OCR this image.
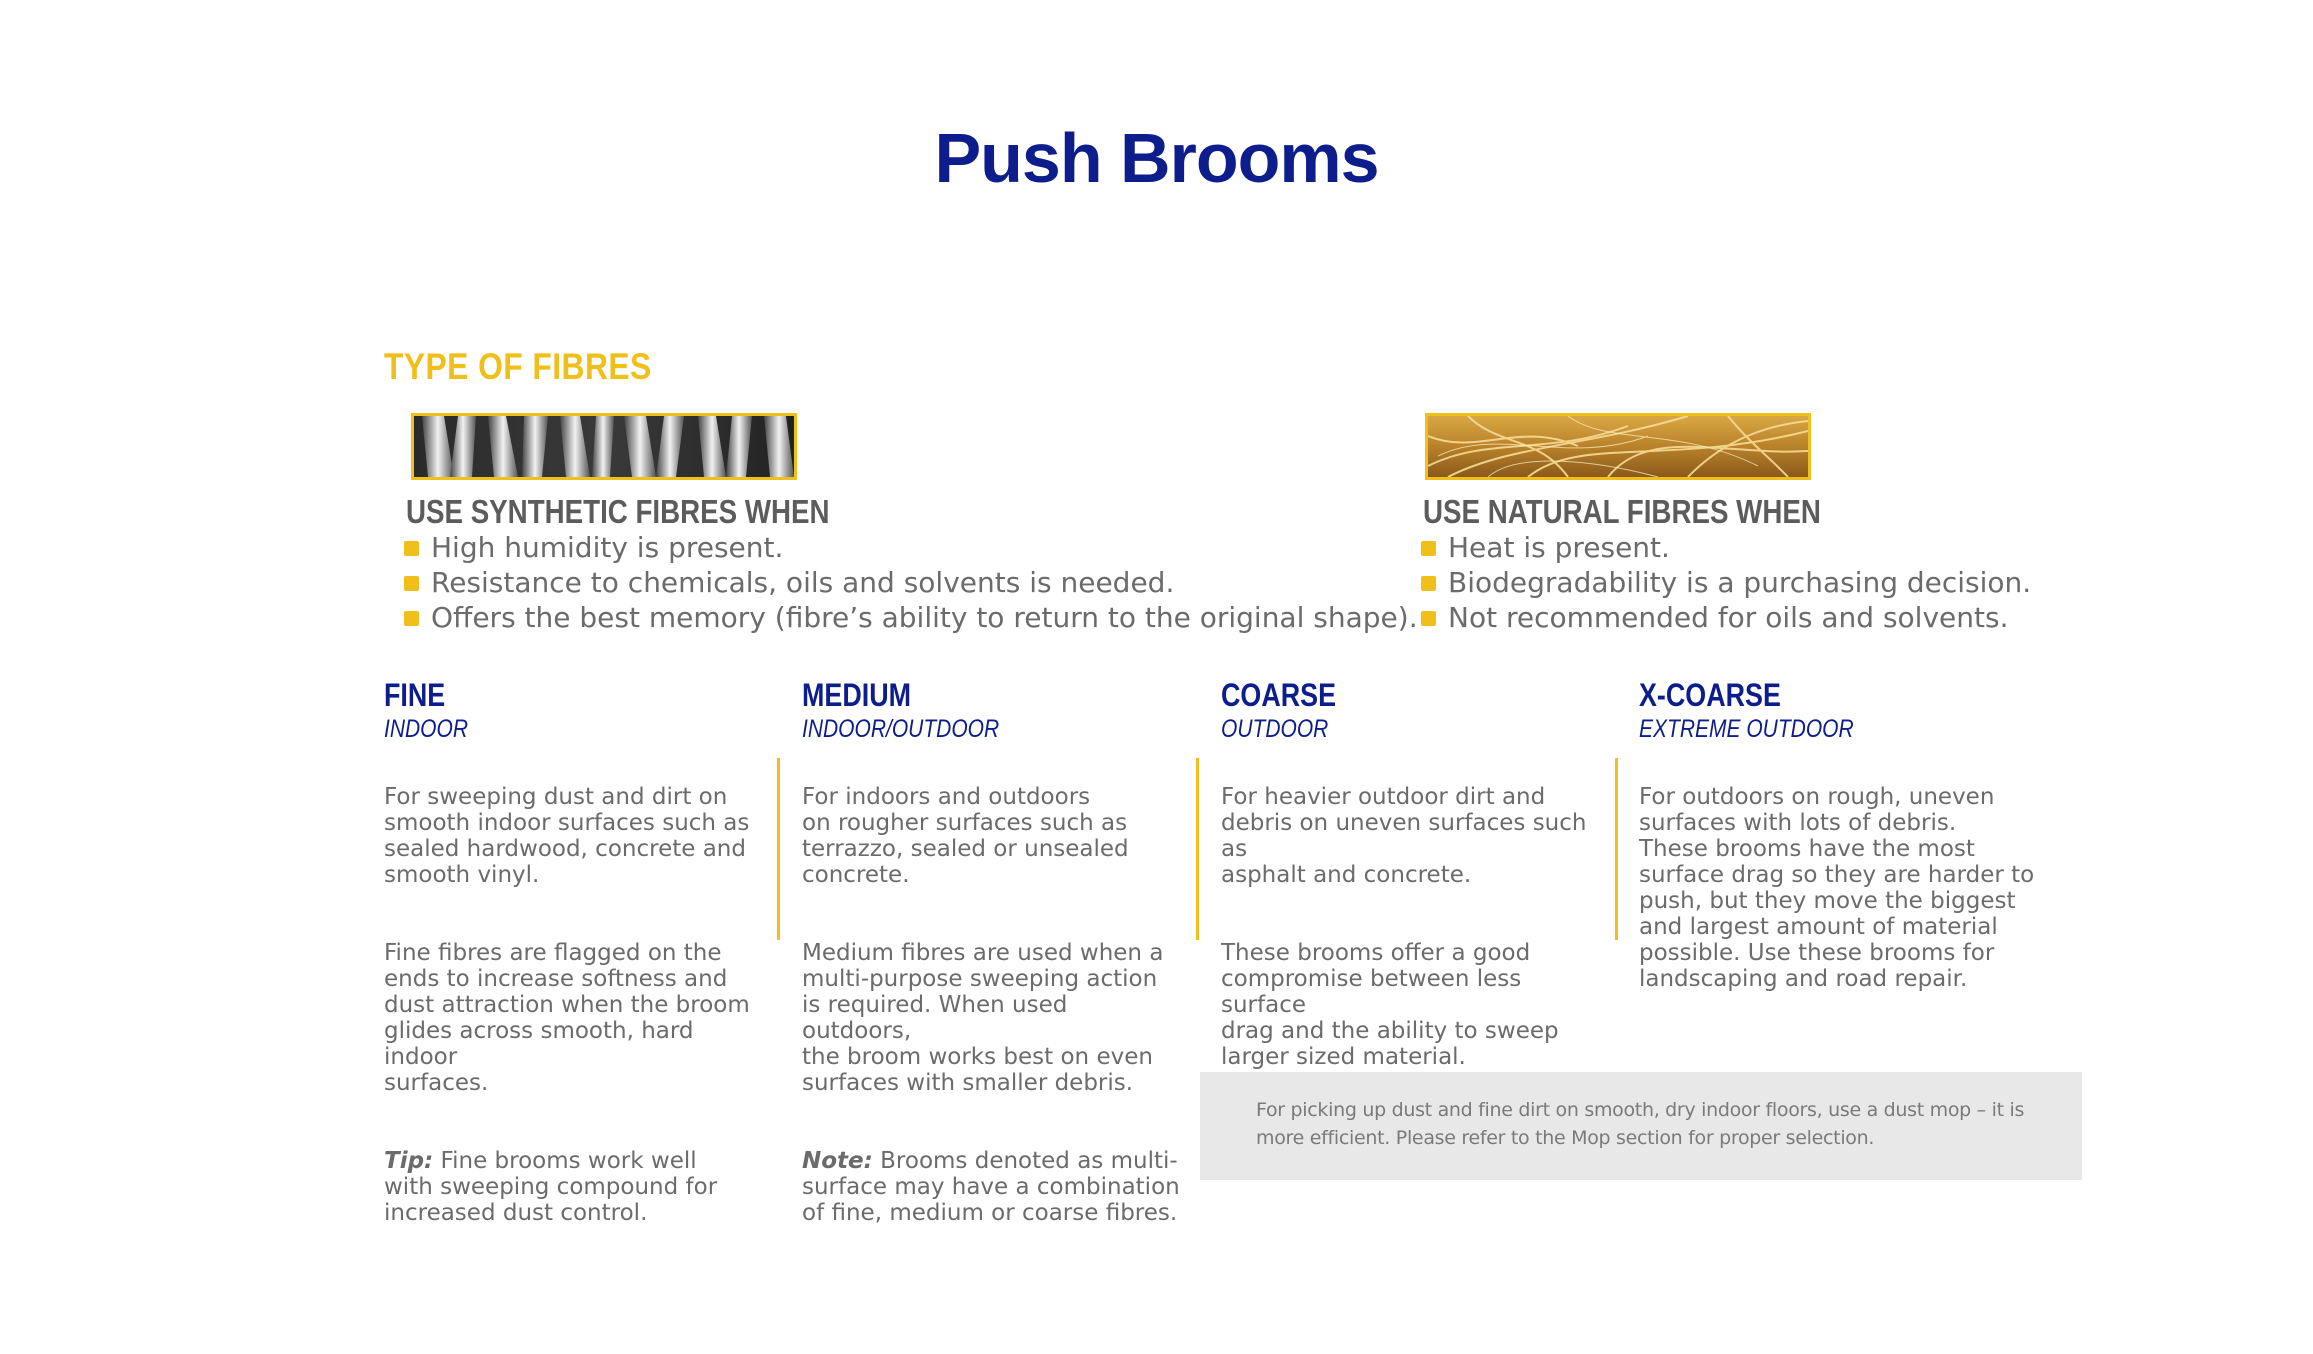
Push Brooms
TYPE OF FIBRES
USE SYNTHETIC FIBRES WHEN
High humidity is present.
Resistance to chemicals, oils and solvents is needed.
Offers the best memory (fibre’s ability to return to the original shape).
USE NATURAL FIBRES WHEN
Heat is present.
Biodegradability is a purchasing decision.
Not recommended for oils and solvents.
FINE
INDOOR

For sweeping dust and dirt on
smooth indoor surfaces such as
sealed hardwood, concrete and
smooth vinyl.

Fine fibres are flagged on the
ends to increase softness and
dust attraction when the broom
glides across smooth, hard indoor
surfaces.

Tip: Fine brooms work well
with sweeping compound for
increased dust control.

MEDIUM
INDOOR/OUTDOOR

For indoors and outdoors
on rougher surfaces such as
terrazzo, sealed or unsealed
concrete.

Medium fibres are used when a
multi-purpose sweeping action
is required. When used outdoors,
the broom works best on even
surfaces with smaller debris.

Note: Brooms denoted as multi-
surface may have a combination
of fine, medium or coarse fibres.

COARSE
OUTDOOR

For heavier outdoor dirt and
debris on uneven surfaces such as
asphalt and concrete.

These brooms offer a good
compromise between less surface
drag and the ability to sweep
larger sized material.

X-COARSE
EXTREME OUTDOOR

For outdoors on rough, uneven
surfaces with lots of debris.
These brooms have the most
surface drag so they are harder to
push, but they move the biggest
and largest amount of material
possible. Use these brooms for
landscaping and road repair.

For picking up dust and fine dirt on smooth, dry indoor floors, use a dust mop – it is more efficient. Please refer to the Mop section for proper selection.
